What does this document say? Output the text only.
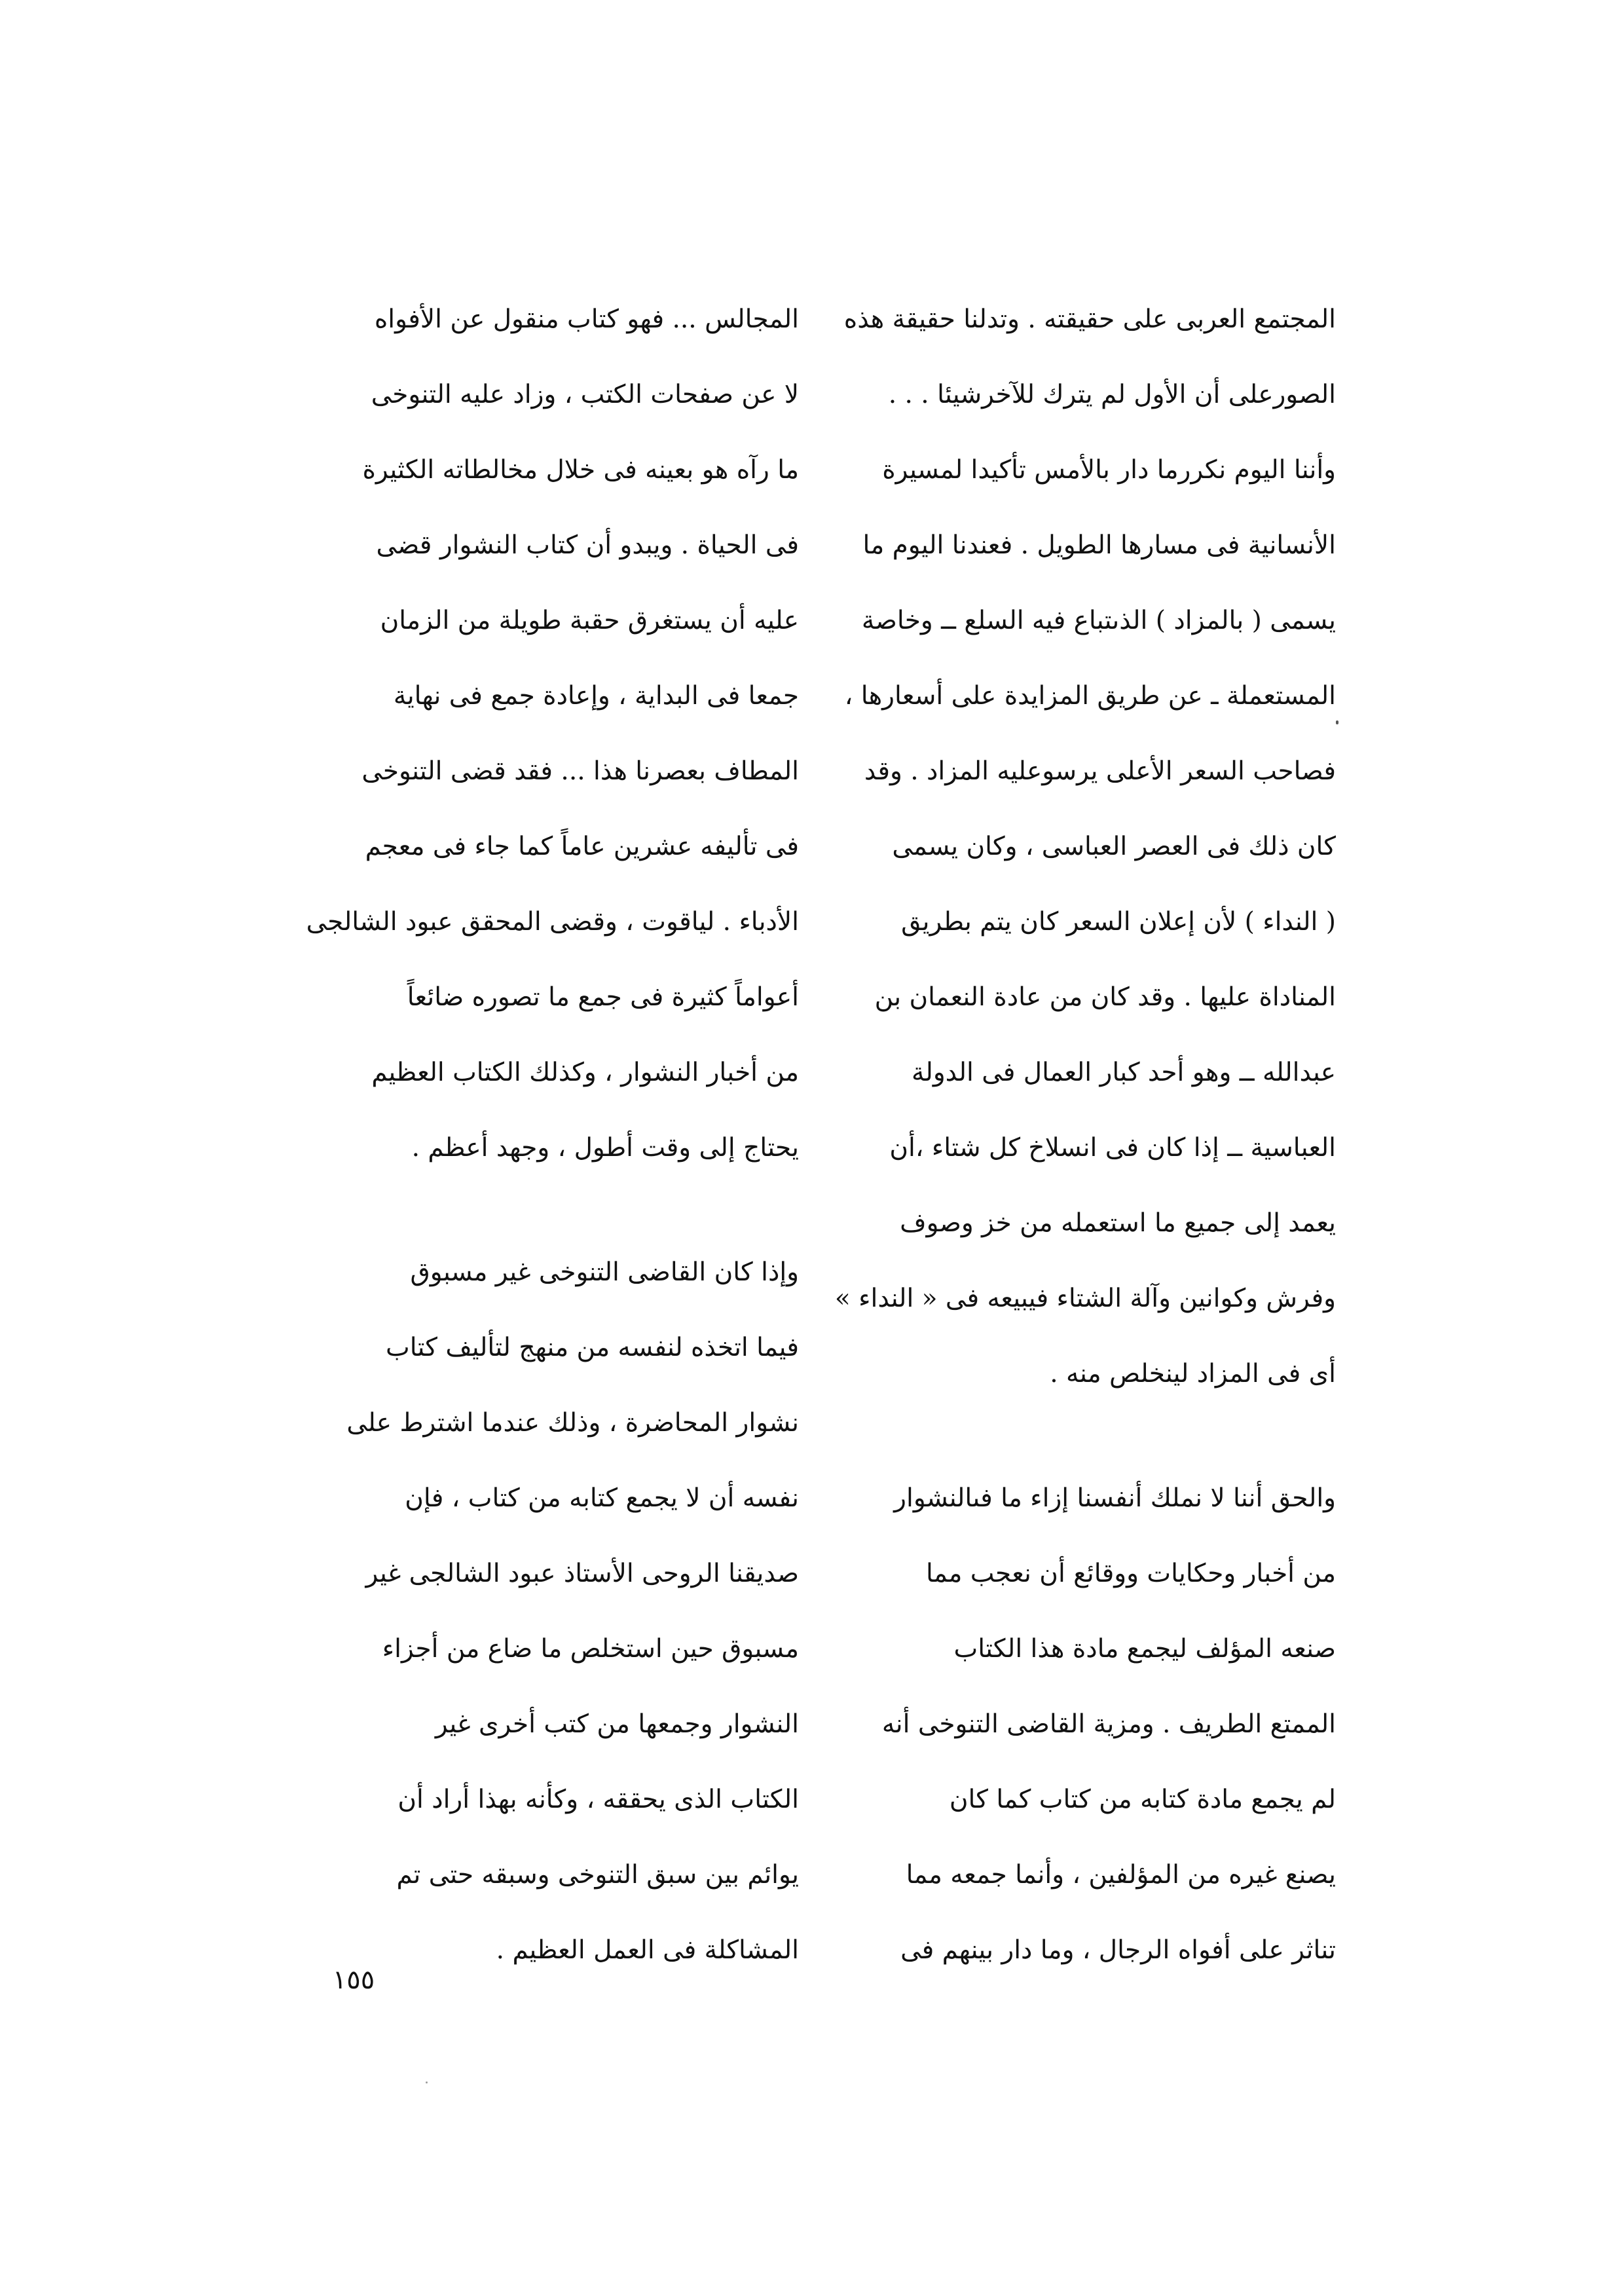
المجتمع العربى على حقيقته . وتدلنا حقيقة هذه
الصورعلى أن الأول لم يترك للآخرشيئا . . .
وأننا اليوم نكررما دار بالأمس تأكيدا لمسيرة
الأنسانية فى مسارها الطويل . فعندنا اليوم ما
يسمى ( بالمزاد ) الذىتباع فيه السلع ــ وخاصة
المستعملة ـ عن طريق المزايدة على أسعارها ،
فصاحب السعر الأعلى يرسوعليه المزاد . وقد
كان ذلك فى العصر العباسى ، وكان يسمى
( النداء ) لأن إعلان السعر كان يتم بطريق
المناداة عليها . وقد كان من عادة النعمان بن
عبدالله ــ وهو أحد كبار العمال فى الدولة
العباسية ــ إذا كان فى انسلاخ كل شتاء ،أن
يعمد إلى جميع ما استعمله من خز وصوف
وفرش وكوانين وآلة الشتاء فيبيعه فى « النداء »
أى فى المزاد لينخلص منه .
والحق أننا لا نملك أنفسنا إزاء ما فىالنشوار
من أخبار وحكايات ووقائع أن نعجب مما
صنعه المؤلف ليجمع مادة هذا الكتاب
الممتع الطريف . ومزية القاضى التنوخى أنه
لم يجمع مادة كتابه من كتاب كما كان
يصنع غيره من المؤلفين ، وأنما جمعه مما
تناثر على أفواه الرجال ، وما دار بينهم فى
المجالس ... فهو كتاب منقول عن الأفواه
لا عن صفحات الكتب ، وزاد عليه التنوخى
ما رآه هو بعينه فى خلال مخالطاته الكثيرة
فى الحياة . ويبدو أن كتاب النشوار قضى
عليه أن يستغرق حقبة طويلة من الزمان
جمعا فى البداية ، وإعادة جمع فى نهاية
المطاف بعصرنا هذا ... فقد قضى التنوخى
فى تأليفه عشرين عاماً كما جاء فى معجم
الأدباء . لياقوت ، وقضى المحقق عبود الشالجى
أعواماً كثيرة فى جمع ما تصوره ضائعاً
من أخبار النشوار ، وكذلك الكتاب العظيم
يحتاج إلى وقت أطول ، وجهد أعظم .
وإذا كان القاضى التنوخى غير مسبوق
فيما اتخذه لنفسه من منهج لتأليف كتاب
نشوار المحاضرة ، وذلك عندما اشترط على
نفسه أن لا يجمع كتابه من كتاب ، فإن
صديقنا الروحى الأستاذ عبود الشالجى غير
مسبوق حين استخلص ما ضاع من أجزاء
النشوار وجمعها من كتب أخرى غير
الكتاب الذى يحققه ، وكأنه بهذا أراد أن
يوائم بين سبق التنوخى وسبقه حتى تم
المشاكلة فى العمل العظيم .
١٥٥
